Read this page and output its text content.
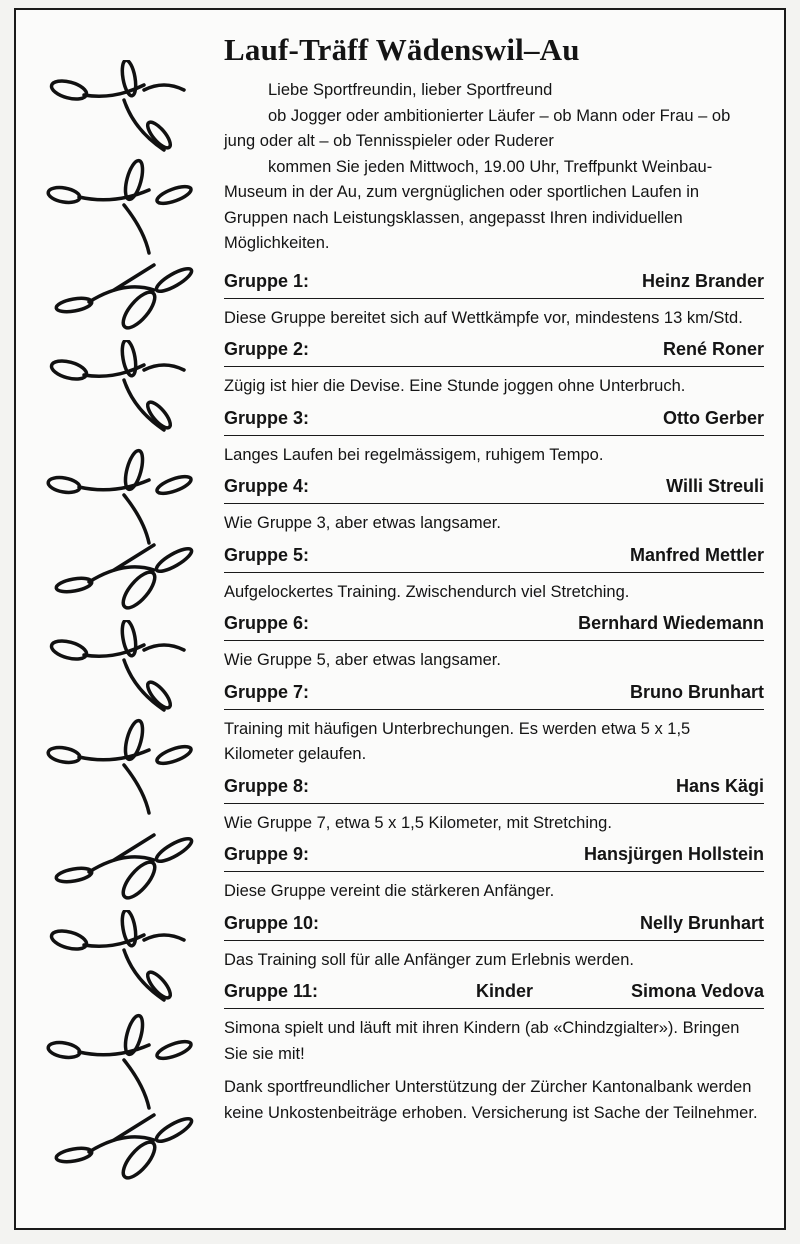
Lauf-Träff Wädenswil–Au

Liebe Sportfreundin, lieber Sportfreund

ob Jogger oder ambitionierter Läufer – ob Mann oder Frau – ob jung oder alt – ob Tennisspieler oder Ruderer

kommen Sie jeden Mittwoch, 19.00 Uhr, Treffpunkt Weinbau-Museum in der Au, zum vergnüglichen oder sportlichen Laufen in Gruppen nach Leistungsklassen, angepasst Ihren individuellen Möglichkeiten.

Gruppe 1:	Heinz Brander
Diese Gruppe bereitet sich auf Wettkämpfe vor, mindestens 13 km/Std.
Gruppe 2:	René Roner
Zügig ist hier die Devise. Eine Stunde joggen ohne Unterbruch.
Gruppe 3:	Otto Gerber
Langes Laufen bei regelmässigem, ruhigem Tempo.
Gruppe 4:	Willi Streuli
Wie Gruppe 3, aber etwas langsamer.
Gruppe 5:	Manfred Mettler
Aufgelockertes Training. Zwischendurch viel Stretching.
Gruppe 6:	Bernhard Wiedemann
Wie Gruppe 5, aber etwas langsamer.
Gruppe 7:	Bruno Brunhart
Training mit häufigen Unterbrechungen. Es werden etwa 5 x 1,5 Kilometer gelaufen.
Gruppe 8:	Hans Kägi
Wie Gruppe 7, etwa 5 x 1,5 Kilometer, mit Stretching.
Gruppe 9:	Hansjürgen Hollstein
Diese Gruppe vereint die stärkeren Anfänger.
Gruppe 10:	Nelly Brunhart
Das Training soll für alle Anfänger zum Erlebnis werden.
Gruppe 11:	Kinder	Simona Vedova
Simona spielt und läuft mit ihren Kindern (ab «Chindzgialter»). Bringen Sie sie mit!
Dank sportfreundlicher Unterstützung der Zürcher Kantonalbank werden keine Unkostenbeiträge erhoben. Versicherung ist Sache der Teilnehmer.
